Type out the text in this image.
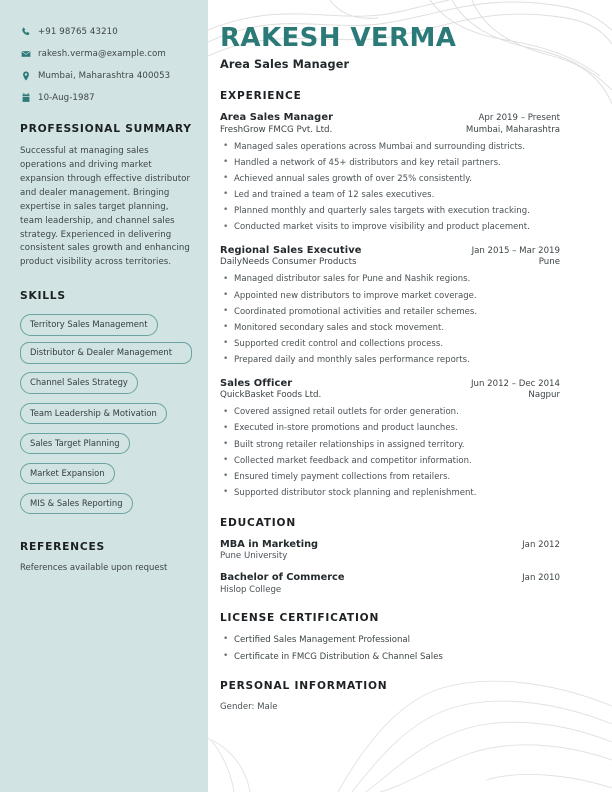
+91 98765 43210
rakesh.verma@example.com
Mumbai, Maharashtra 400053
10-Aug-1987
PROFESSIONAL SUMMARY

Successful at managing sales operations and driving market expansion through effective distributor and dealer management. Bringing expertise in sales target planning, team leadership, and channel sales strategy. Experienced in delivering consistent sales growth and enhancing product visibility across territories.

SKILLS
Territory Sales Management
Distributor & Dealer Management
Channel Sales Strategy Team Leadership & Motivation Sales Target Planning Market Expansion MIS & Sales Reporting
REFERENCES

References available upon request

RAKESH VERMA
Area Sales Manager
EXPERIENCE
Area Sales Manager	Apr 2019 – Present
FreshGrow FMCG Pvt. Ltd.	Mumbai, Maharashtra
• Managed sales operations across Mumbai and surrounding districts.
• Handled a network of 45+ distributors and key retail partners.
• Achieved annual sales growth of over 25% consistently.
• Led and trained a team of 12 sales executives.
• Planned monthly and quarterly sales targets with execution tracking.
• Conducted market visits to improve visibility and product placement.
Regional Sales Executive	Jan 2015 – Mar 2019
DailyNeeds Consumer Products	Pune
• Managed distributor sales for Pune and Nashik regions.
• Appointed new distributors to improve market coverage.
• Coordinated promotional activities and retailer schemes.
• Monitored secondary sales and stock movement.
• Supported credit control and collections process.
• Prepared daily and monthly sales performance reports.
Sales Officer	Jun 2012 – Dec 2014
QuickBasket Foods Ltd.	Nagpur
• Covered assigned retail outlets for order generation.
• Executed in-store promotions and product launches.
• Built strong retailer relationships in assigned territory.
• Collected market feedback and competitor information.
• Ensured timely payment collections from retailers.
• Supported distributor stock planning and replenishment.
EDUCATION
MBA in Marketing	Jan 2012
Pune University
Bachelor of Commerce	Jan 2010
Hislop College
LICENSE CERTIFICATION
• Certified Sales Management Professional
• Certificate in FMCG Distribution & Channel Sales
PERSONAL INFORMATION

Gender: Male
